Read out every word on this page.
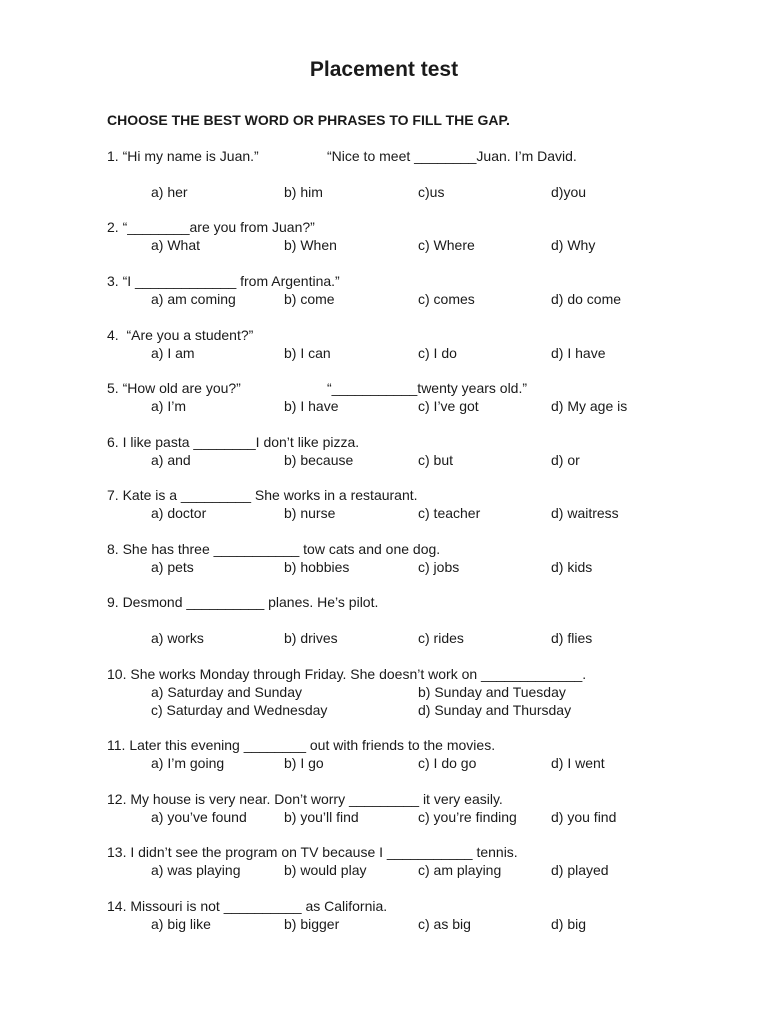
Placement test

CHOOSE THE BEST WORD OR PHRASES TO FILL THE GAP.

1. “Hi my name is Juan.”	“Nice to meet ________Juan. I’m David.
a) her	b) him	c)us	d)you
2. “________are you from Juan?”
a) What	b) When	c) Where	d) Why
3. “I _____________ from Argentina.”
a) am coming	b) come	c) comes	d) do come
4.  “Are you a student?”
a) I am	b) I can	c) I do	d) I have
5. “How old are you?”	“___________twenty years old.”
a) I’m	b) I have	c) I’ve got	d) My age is
6. I like pasta ________I don’t like pizza.
a) and	b) because	c) but	d) or
7. Kate is a _________ She works in a restaurant.
a) doctor	b) nurse	c) teacher	d) waitress
8. She has three ___________ tow cats and one dog.
a) pets	b) hobbies	c) jobs	d) kids
9. Desmond __________ planes. He’s pilot.
a) works	b) drives	c) rides	d) flies
10. She works Monday through Friday. She doesn’t work on _____________.
a) Saturday and Sunday	b) Sunday and Tuesday
c) Saturday and Wednesday	d) Sunday and Thursday
11. Later this evening ________ out with friends to the movies.
a) I’m going	b) I go	c) I do go	d) I went
12. My house is very near. Don’t worry _________ it very easily.
a) you’ve found	b) you’ll find	c) you’re finding d) you find
13. I didn’t see the program on TV because I ___________ tennis.
a) was playing	b) would play	c) am playing	d) played
14. Missouri is not __________ as California.
a) big like	b) bigger	c) as big	d) big
